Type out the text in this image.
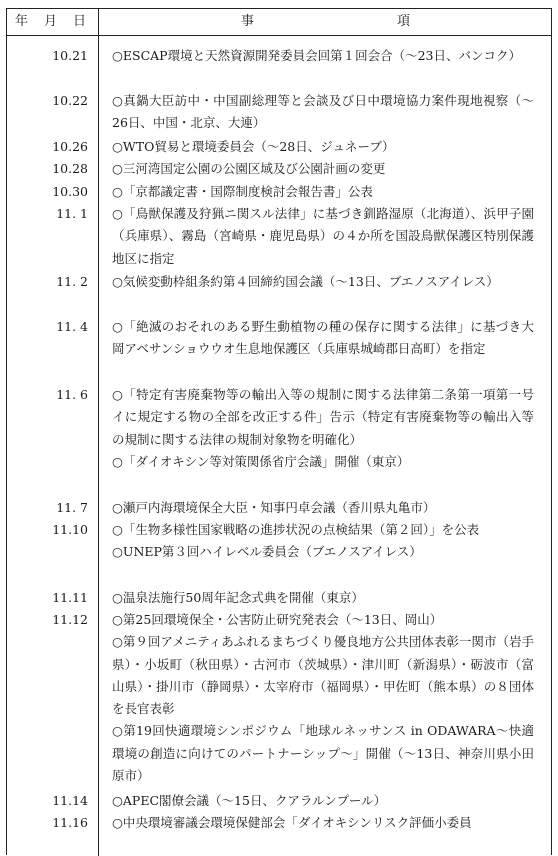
年 月 日	事	項
10.21 ○ESCAP環境と天然資源開発委員会回第１回会合（～23日、バンコク）

10.22 ○真鍋大臣訪中・中国副総理等と会談及び日中環境協力案件現地視察（～26日、中国・北京、大連）

10.26 ○WTO貿易と環境委員会（～28日、ジュネーブ）

10.28 ○三河湾国定公園の公園区域及び公園計画の変更

10.30 ○「京都議定書・国際制度検討会報告書」公表

11. 1 ○「鳥獣保護及狩猟ニ関スル法律」に基づき釧路湿原（北海道）、浜甲子園（兵庫県）、霧島（宮崎県・鹿児島県）の４か所を国設鳥獣保護区特別保護地区に指定

11. 2 ○気候変動枠組条約第４回締約国会議（～13日、ブエノスアイレス）

11. 4 ○「絶滅のおそれのある野生動植物の種の保存に関する法律」に基づき大岡アベサンショウウオ生息地保護区（兵庫県城崎郡日高町）を指定

11. 6 ○「特定有害廃棄物等の輸出入等の規制に関する法律第二条第一項第一号イに規定する物の全部を改正する件」告示（特定有害廃棄物等の輸出入等の規制に関する法律の規制対象物を明確化）

○「ダイオキシン等対策関係省庁会議」開催（東京）

11. 7 ○瀬戸内海環境保全大臣・知事円卓会議（香川県丸亀市）

11.10 ○「生物多様性国家戦略の進捗状況の点検結果（第２回）」を公表

○UNEP第３回ハイレベル委員会（ブエノスアイレス）

11.11 ○温泉法施行50周年記念式典を開催（東京）

11.12 ○第25回環境保全・公害防止研究発表会（～13日、岡山）

○第９回アメニティあふれるまちづくり優良地方公共団体表彰一関市（岩手県）・小坂町（秋田県）・古河市（茨城県）・津川町（新潟県）・砺波市（富山県）・掛川市（静岡県）・太宰府市（福岡県）・甲佐町（熊本県）の８団体を長官表彰

○第19回快適環境シンポジウム「地球ルネッサンス in ODAWARA～快適環境の創造に向けてのパートナーシップ～」開催（～13日、神奈川県小田原市）

11.14 ○APEC閣僚会議（～15日、クアラルンプール）

11.16 ○中央環境審議会環境保健部会「ダイオキシンリスク評価小委員
